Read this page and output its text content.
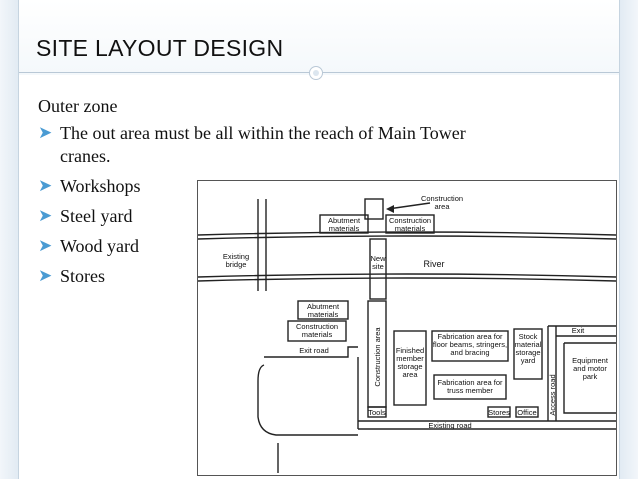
SITE LAYOUT DESIGN

Outer zone

➤ The out area must be all within the reach of Main Tower cranes.
➤ Workshops
➤ Steel yard
➤ Wood yard
➤ Stores
Construction
area
Abutment
materials
Construction
materials
Existing
bridge
New
site	River
Abutment
materials
Construction
materials
Exit road	Construction area Finished
member
storage
area
Fabrication area for
floor beams, stringers,
and bracing
Fabrication area for
truss member
Stock
material
storage
yard
Access road
Exit
Equipment
and motor
park
Tools	Stores Office
Existing road
